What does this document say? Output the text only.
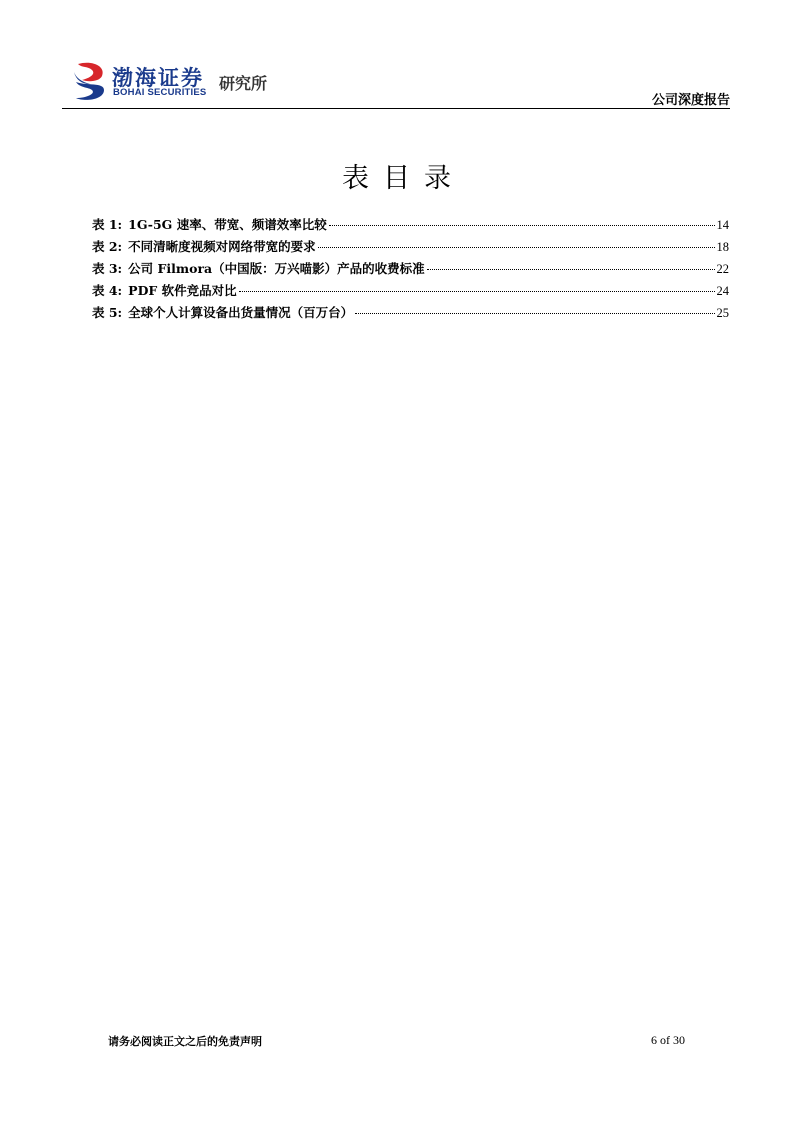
渤海证券
BOHAI SECURITIES 研究所
公司深度报告
表目录
表 1: 1G-5G 速率、带宽、频谱效率比较	14
表 2: 不同清晰度视频对网络带宽的要求	18
表 3: 公司 Filmora（中国版：万兴喵影）产品的收费标准	22
表 4: PDF 软件竞品对比	24
表 5: 全球个人计算设备出货量情况（百万台）	25
请务必阅读正文之后的免责声明	6 of 30
